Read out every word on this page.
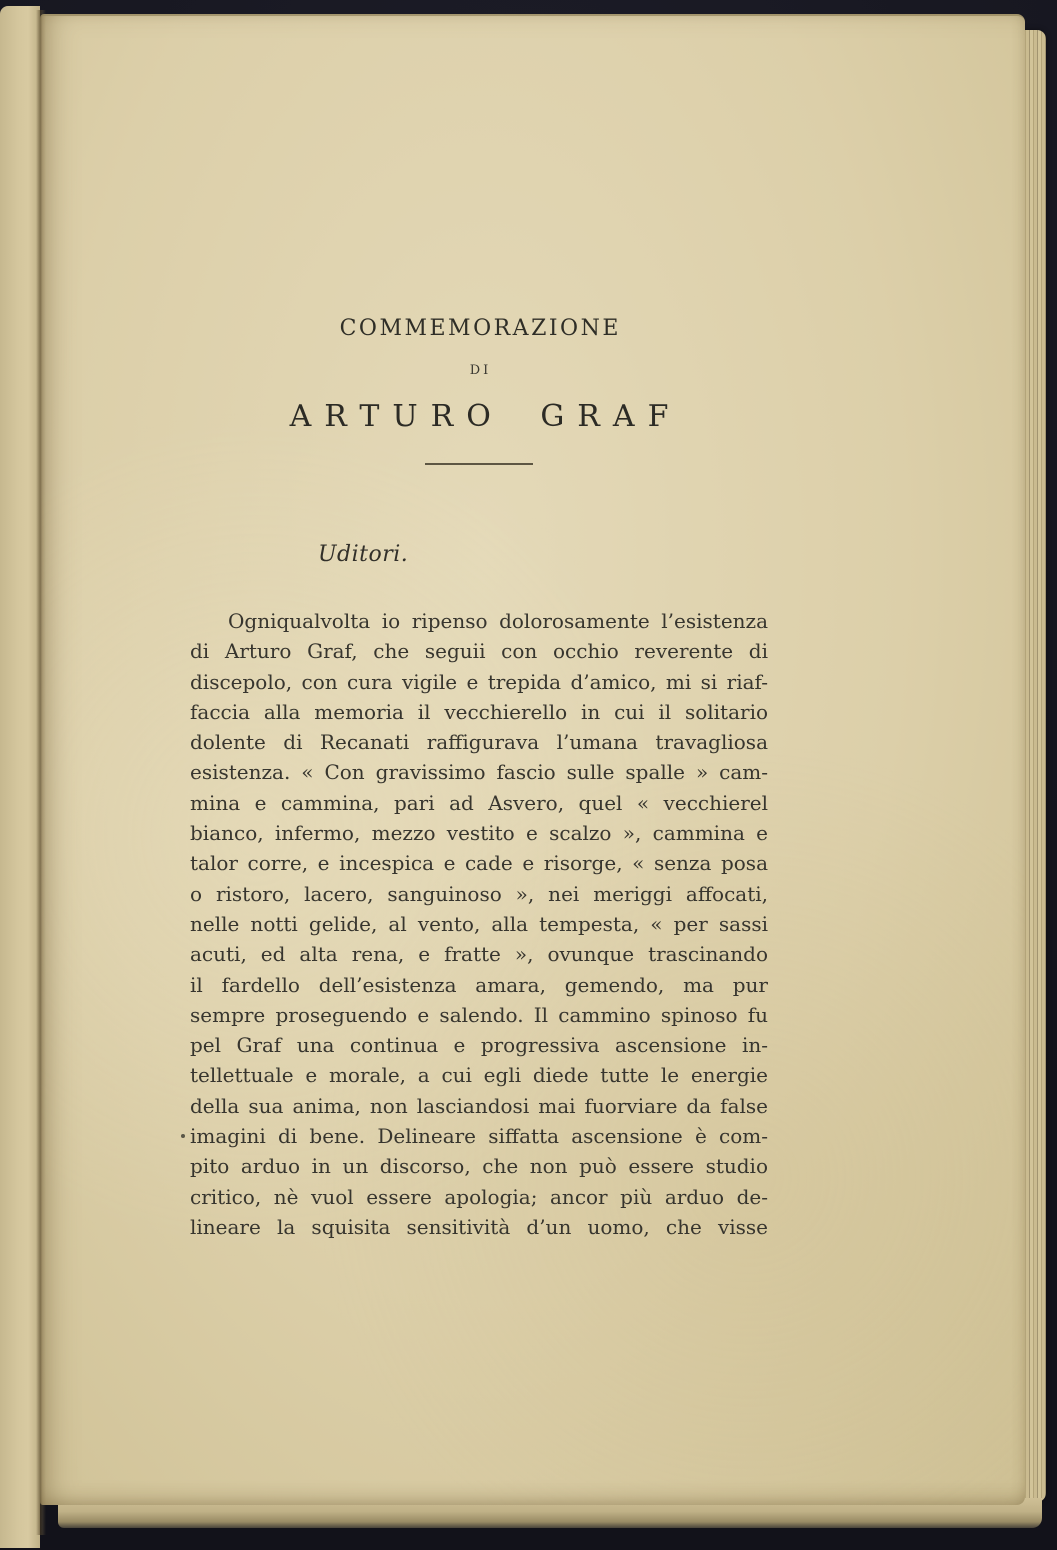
COMMEMORAZIONE
DI
ARTURO GRAF
Uditori.
Ogniqualvolta io ripenso dolorosamente l’esistenza
di Arturo Graf, che seguii con occhio reverente di
discepolo, con cura vigile e trepida d’amico, mi si riaf-
faccia alla memoria il vecchierello in cui il solitario
dolente di Recanati raffigurava l’umana travagliosa
esistenza. « Con gravissimo fascio sulle spalle » cam-
mina e cammina, pari ad Asvero, quel « vecchierel
bianco, infermo, mezzo vestito e scalzo », cammina e
talor corre, e incespica e cade e risorge, « senza posa
o ristoro, lacero, sanguinoso », nei meriggi affocati,
nelle notti gelide, al vento, alla tempesta, « per sassi
acuti, ed alta rena, e fratte », ovunque trascinando
il fardello dell’esistenza amara, gemendo, ma pur
sempre proseguendo e salendo. Il cammino spinoso fu
pel Graf una continua e progressiva ascensione in-
tellettuale e morale, a cui egli diede tutte le energie
della sua anima, non lasciandosi mai fuorviare da false
imagini di bene. Delineare siffatta ascensione è com-
pito arduo in un discorso, che non può essere studio
critico, nè vuol essere apologia; ancor più arduo de-
lineare la squisita sensitività d’un uomo, che visse
